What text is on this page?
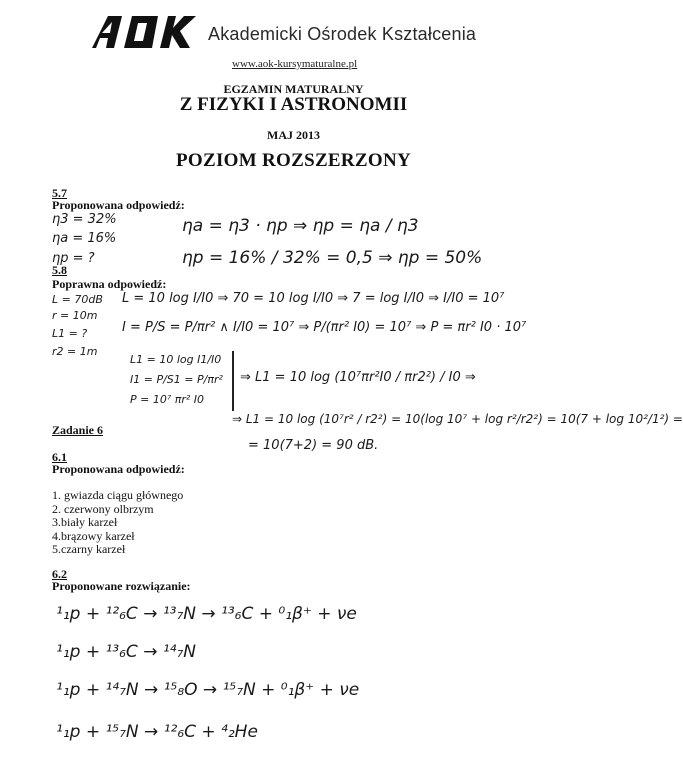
Akademicki Ośrodek Kształcenia
www.aok-kursymaturalne.pl
EGZAMIN MATURALNY
Z FIZYKI I ASTRONOMII
MAJ 2013
POZIOM ROZSZERZONY
5.7
Proponowana odpowiedź:
η3 = 32%
ηa = 16%
ηp = ?
ηa = η3 · ηp ⇒ ηp = ηa / η3
ηp = 16% / 32% = 0,5 ⇒ ηp = 50%
5.8
Poprawna odpowiedź:
L = 70dB
r = 10m
L1 = ?
r2 = 1m
L = 10 log I/I0 ⇒ 70 = 10 log I/I0 ⇒ 7 = log I/I0 ⇒ I/I0 = 10⁷
I = P/S = P/πr² ∧ I/I0 = 10⁷ ⇒ P/(πr² I0) = 10⁷ ⇒ P = πr² I0 · 10⁷
L1 = 10 log I1/I0
I1 = P/S1 = P/πr²
P = 10⁷ πr² I0
⇒ L1 = 10 log (10⁷πr²I0 / πr2²) / I0 ⇒
⇒ L1 = 10 log (10⁷r² / r2²) = 10(log 10⁷ + log r²/r2²) = 10(7 + log 10²/1²) =
= 10(7+2) = 90 dB.
Zadanie 6
6.1
Proponowana odpowiedź:
1. gwiazda ciągu głównego
2. czerwony olbrzym
3.biały karzeł
4.brązowy karzeł
5.czarny karzeł
6.2
Proponowane rozwiązanie:
¹₁p + ¹²₆C → ¹³₇N → ¹³₆C + ⁰₁β⁺ + νe
¹₁p + ¹³₆C → ¹⁴₇N
¹₁p + ¹⁴₇N → ¹⁵₈O → ¹⁵₇N + ⁰₁β⁺ + νe
¹₁p + ¹⁵₇N → ¹²₆C + ⁴₂He
